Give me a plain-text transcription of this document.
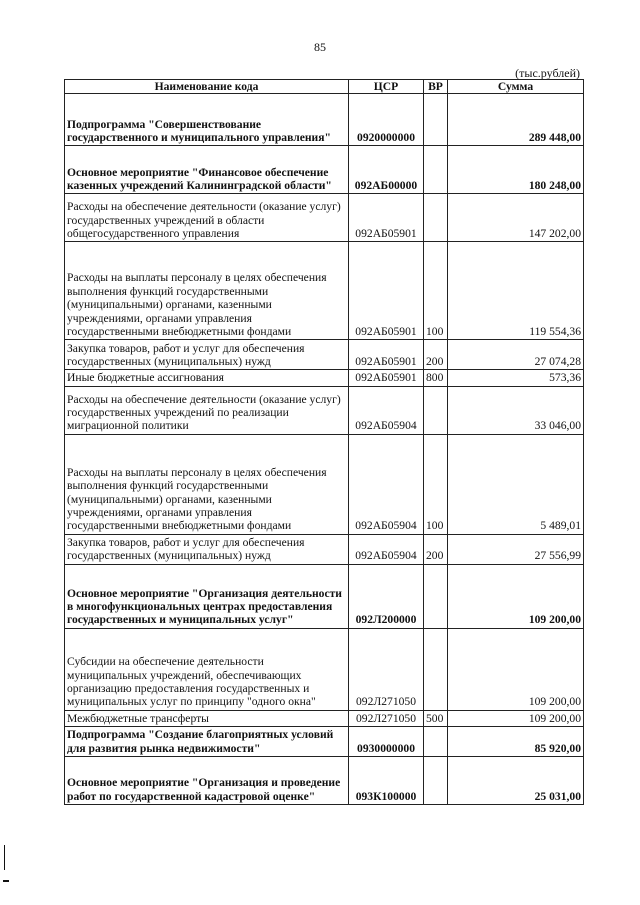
85
(тыс.рублей)
Наименование кода	ЦСР	ВР	Сумма
Подпрограмма "Совершенствование государственного и муниципального управления"	0920000000		289 448,00
Основное мероприятие "Финансовое обеспечение казенных учреждений Калининградской области"	092АБ00000		180 248,00
Расходы на обеспечение деятельности (оказание услуг) государственных учреждений в области общегосударственного управления	092АБ05901		147 202,00
Расходы на выплаты персоналу в целях обеспечения выполнения функций государственными (муниципальными) органами, казенными учреждениями, органами управления государственными внебюджетными фондами	092АБ05901	100	119 554,36
Закупка товаров, работ и услуг для обеспечения государственных (муниципальных) нужд	092АБ05901	200	27 074,28
Иные бюджетные ассигнования	092АБ05901	800	573,36
Расходы на обеспечение деятельности (оказание услуг) государственных учреждений по реализации миграционной политики	092АБ05904		33 046,00
Расходы на выплаты персоналу в целях обеспечения выполнения функций государственными (муниципальными) органами, казенными учреждениями, органами управления государственными внебюджетными фондами	092АБ05904	100	5 489,01
Закупка товаров, работ и услуг для обеспечения государственных (муниципальных) нужд	092АБ05904	200	27 556,99
Основное мероприятие "Организация деятельности в многофункциональных центрах предоставления государственных и муниципальных услуг"	092Л200000		109 200,00
Субсидии на обеспечение деятельности муниципальных учреждений, обеспечивающих организацию предоставления государственных и муниципальных услуг по принципу "одного окна"	092Л271050		109 200,00
Межбюджетные трансферты	092Л271050	500	109 200,00
Подпрограмма "Создание благоприятных условий для развития рынка недвижимости"	0930000000		85 920,00
Основное мероприятие "Организация и проведение работ по государственной кадастровой оценке"	093К100000		25 031,00
